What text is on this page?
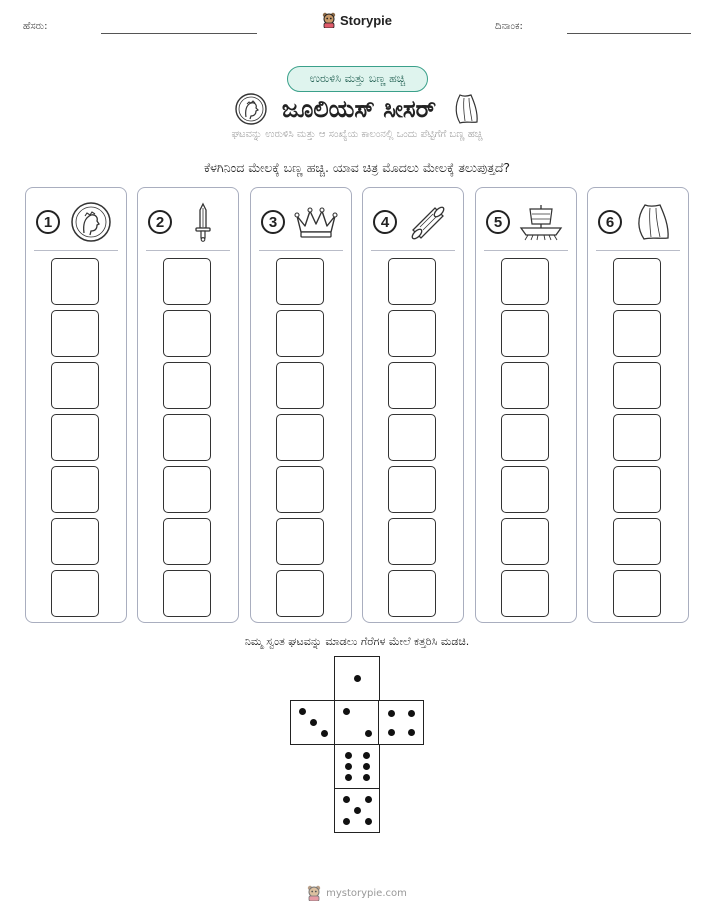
ಹೆಸರು:	Storypie	ದಿನಾಂಕ:
ಉರುಳಿಸಿ ಮತ್ತು ಬಣ್ಣ ಹಚ್ಚಿ
ಜೂಲಿಯಸ್ ಸೀಸರ್
ಘಟವನ್ನು ಉರುಳಿಸಿ ಮತ್ತು ಆ ಸಂಖ್ಯೆಯ ಕಾಲಂನಲ್ಲಿ ಒಂದು ಪೆಟ್ಟಿಗೆಗೆ ಬಣ್ಣ ಹಚ್ಚಿ
ಕೆಳಗಿನಿಂದ ಮೇಲಕ್ಕೆ ಬಣ್ಣ ಹಚ್ಚಿ. ಯಾವ ಚಿತ್ರ ಮೊದಲು ಮೇಲಕ್ಕೆ ತಲುಪುತ್ತದೆ?
1	2	3	4	5	6
ನಿಮ್ಮ ಸ್ವಂತ ಘಟವನ್ನು ಮಾಡಲು ಗೆರೆಗಳ ಮೇಲೆ ಕತ್ತರಿಸಿ ಮಡಚಿ.
mystorypie.com
